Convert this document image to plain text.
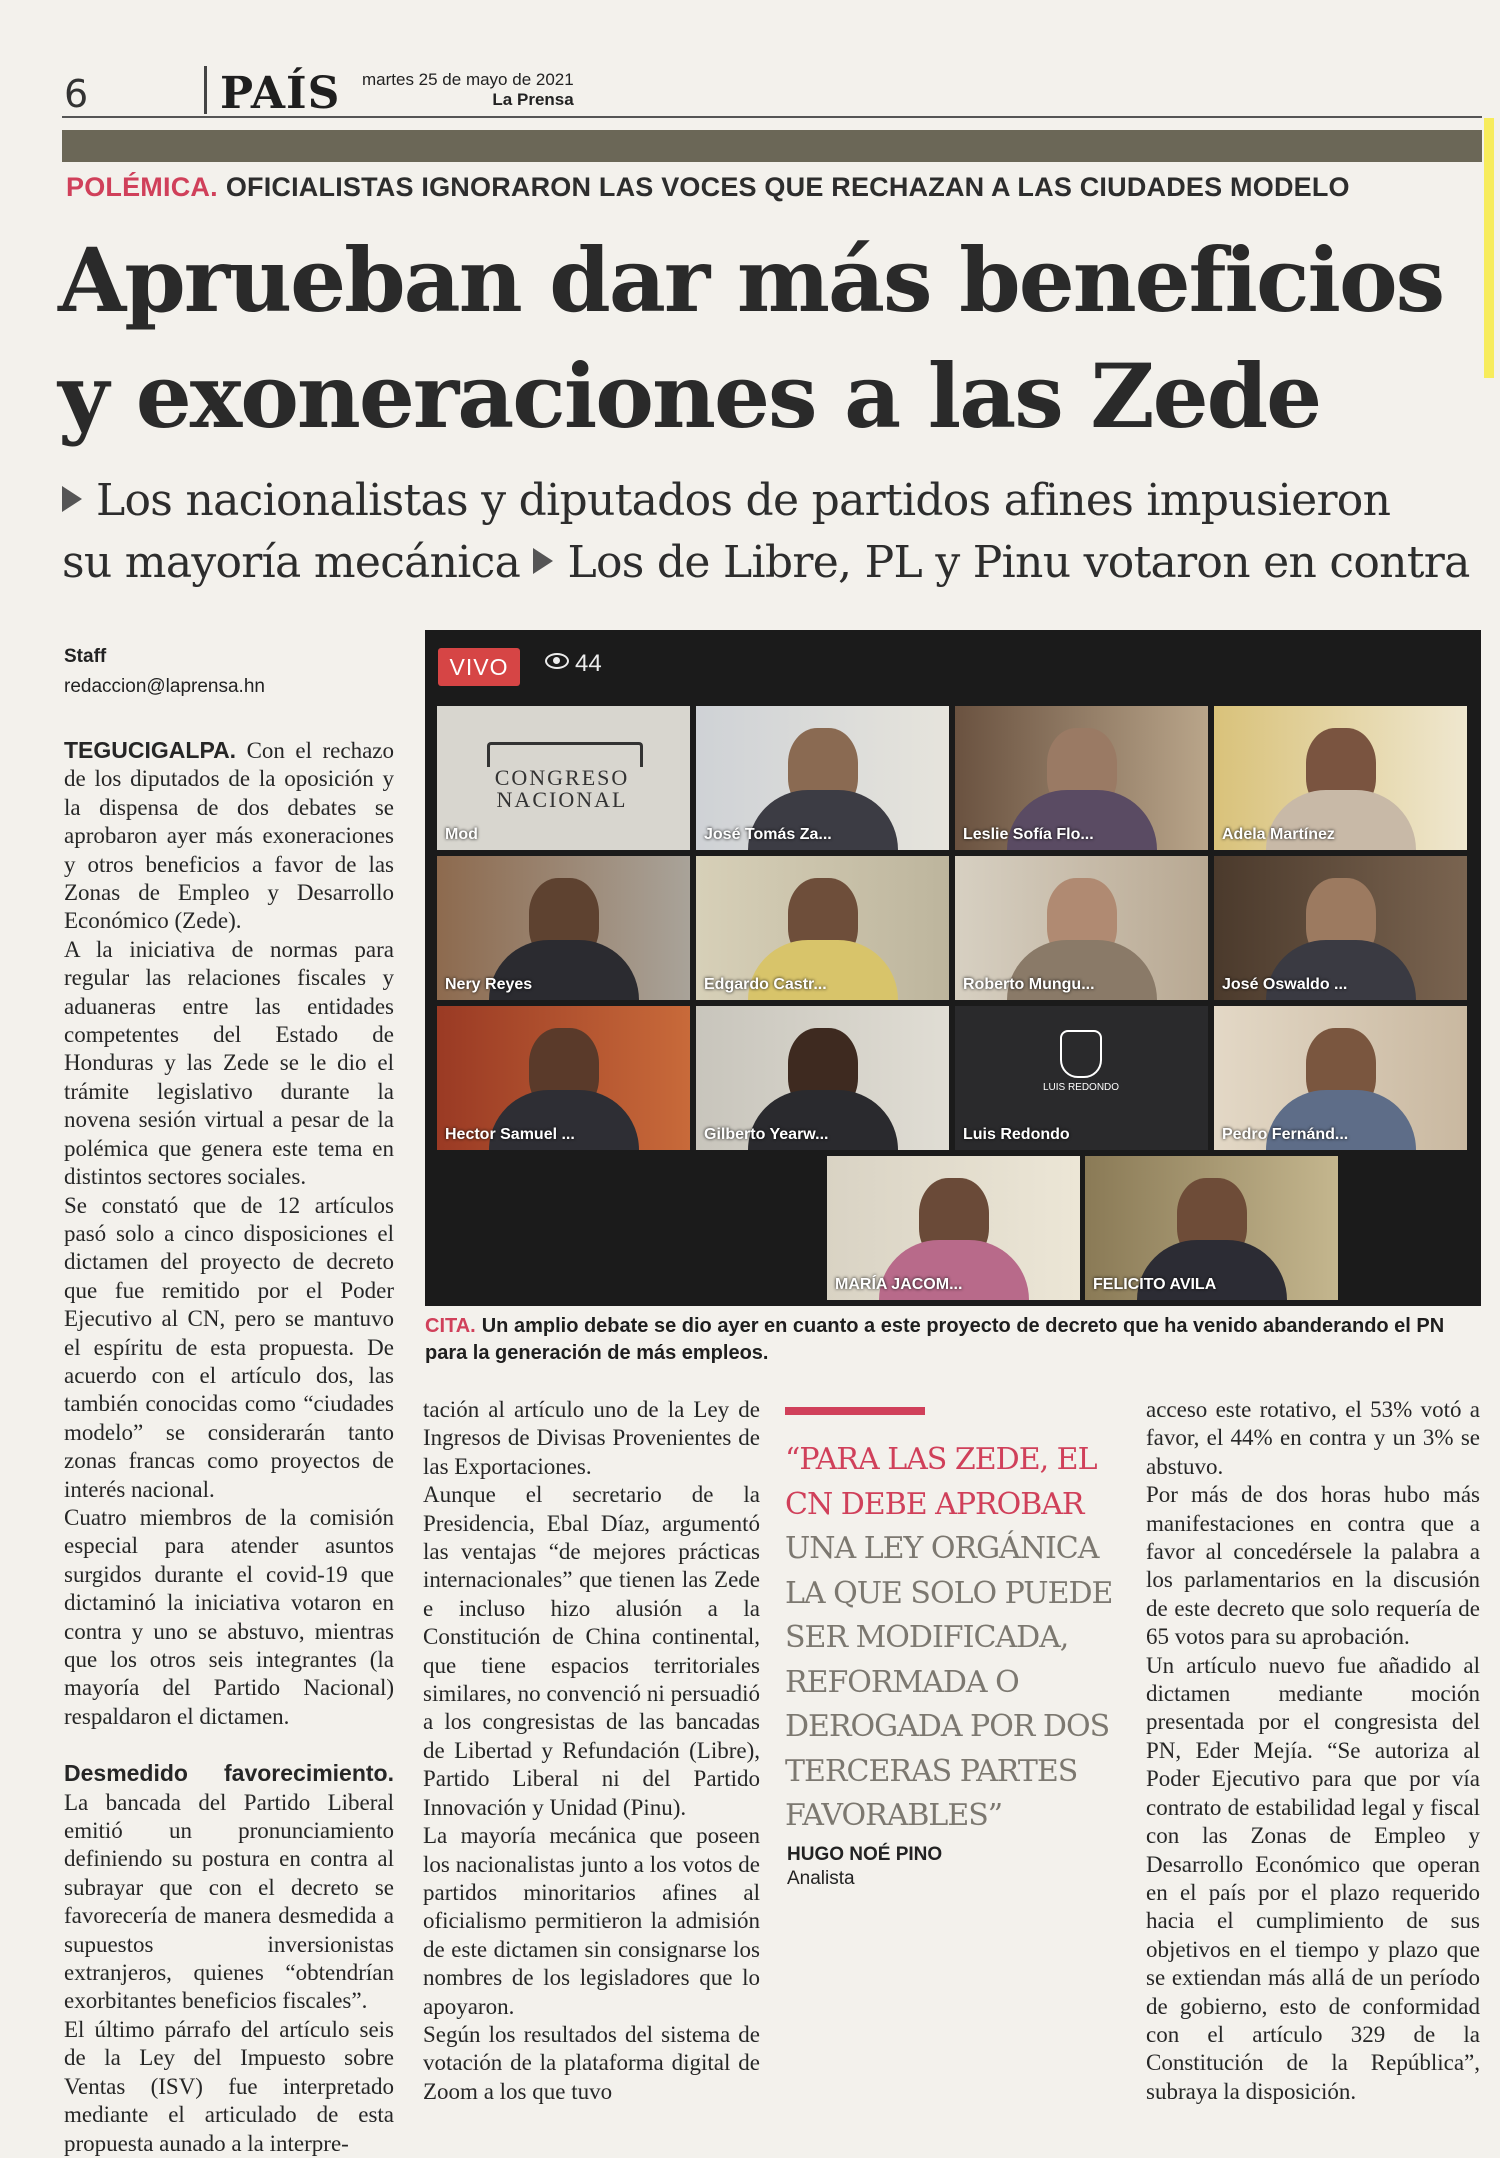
6	PAÍS martes 25 de mayo de 2021
La Prensa
POLÉMICA. OFICIALISTAS IGNORARON LAS VOCES QUE RECHAZAN A LAS CIUDADES MODELO
Aprueban dar más beneficios
y exoneraciones a las Zede
Los nacionalistas y diputados de partidos afines impusieron
su mayoría mecánica Los de Libre, PL y Pinu votaron en contra
Staff
redaccion@laprensa.hn

TEGUCIGALPA. Con el rechazo de los diputados de la oposición y la dispensa de dos debates se aprobaron ayer más exoneraciones y otros beneficios a favor de las Zonas de Empleo y Desarrollo Económico (Zede).

A la iniciativa de normas para regular las relaciones fiscales y aduaneras entre las entidades competentes del Estado de Honduras y las Zede se le dio el trámite legislativo durante la novena sesión virtual a pesar de la polémica que genera este tema en distintos sectores sociales.

Se constató que de 12 artículos pasó solo a cinco disposiciones el dictamen del proyecto de decreto que fue remitido por el Poder Ejecutivo al CN, pero se mantuvo el espíritu de esta propuesta. De acuerdo con el artículo dos, las también conocidas como “ciudades modelo” se considerarán tanto zonas francas como proyectos de interés nacional.

Cuatro miembros de la comisión especial para atender asuntos surgidos durante el covid-19 que dictaminó la iniciativa votaron en contra y uno se abstuvo, mientras que los otros seis integrantes (la mayoría del Partido Nacional) respaldaron el dictamen.

Desmedido favorecimiento. La bancada del Partido Liberal emitió un pronunciamiento definiendo su postura en contra al subrayar que con el decreto se favorecería de manera desmedida a supuestos inversionistas extranjeros, quienes “obtendrían exorbitantes beneficios fiscales”.

El último párrafo del artículo seis de la Ley del Impuesto sobre Ventas (ISV) fue interpretado mediante el articulado de esta propuesta aunado a la interpre-

VIVO	44
CONGRESO
NACIONAL
Mod	José Tomás Za...	Leslie Sofía Flo...	Adela Martínez
Nery Reyes	Edgardo Castr...	Roberto Mungu...	José Oswaldo ...
Hector Samuel ...	Gilberto Yearw...
LUIS REDONDO
Luis Redondo	Pedro Fernánd...
MARÍA JACOM...	FELICITO AVILA
CITA. Un amplio debate se dio ayer en cuanto a este proyecto de decreto que ha venido abanderando el PN para la generación de más empleos.

tación al artículo uno de la Ley de Ingresos de Divisas Provenientes de las Exportaciones.

Aunque el secretario de la Presidencia, Ebal Díaz, argumentó las ventajas “de mejores prácticas internacionales” que tienen las Zede e incluso hizo alusión a la Constitución de China continental, que tiene espacios territoriales similares, no convenció ni persuadió a los congresistas de las bancadas de Libertad y Refundación (Libre), Partido Liberal ni del Partido Innovación y Unidad (Pinu).

La mayoría mecánica que poseen los nacionalistas junto a los votos de partidos minoritarios afines al oficialismo permitieron la admisión de este dictamen sin consignarse los nombres de los legisladores que lo apoyaron.

Según los resultados del sistema de votación de la plataforma digital de Zoom a los que tuvo

“PARA LAS ZEDE, EL CN DEBE APROBAR UNA LEY ORGÁNICA LA QUE SOLO PUEDE SER MODIFICADA, REFORMADA O DEROGADA POR DOS TERCERAS PARTES FAVORABLES”
HUGO NOÉ PINO
Analista

acceso este rotativo, el 53% votó a favor, el 44% en contra y un 3% se abstuvo.

Por más de dos horas hubo más manifestaciones en contra que a favor al concedérsele la palabra a los parlamentarios en la discusión de este decreto que solo requería de 65 votos para su aprobación.

Un artículo nuevo fue añadido al dictamen mediante moción presentada por el congresista del PN, Eder Mejía. “Se autoriza al Poder Ejecutivo para que por vía contrato de estabilidad legal y fiscal con las Zonas de Empleo y Desarrollo Económico que operan en el país por el plazo requerido hacia el cumplimiento de sus objetivos en el tiempo y plazo que se extiendan más allá de un período de gobierno, esto de conformidad con el artículo 329 de la Constitución de la República”, subraya la disposición.
